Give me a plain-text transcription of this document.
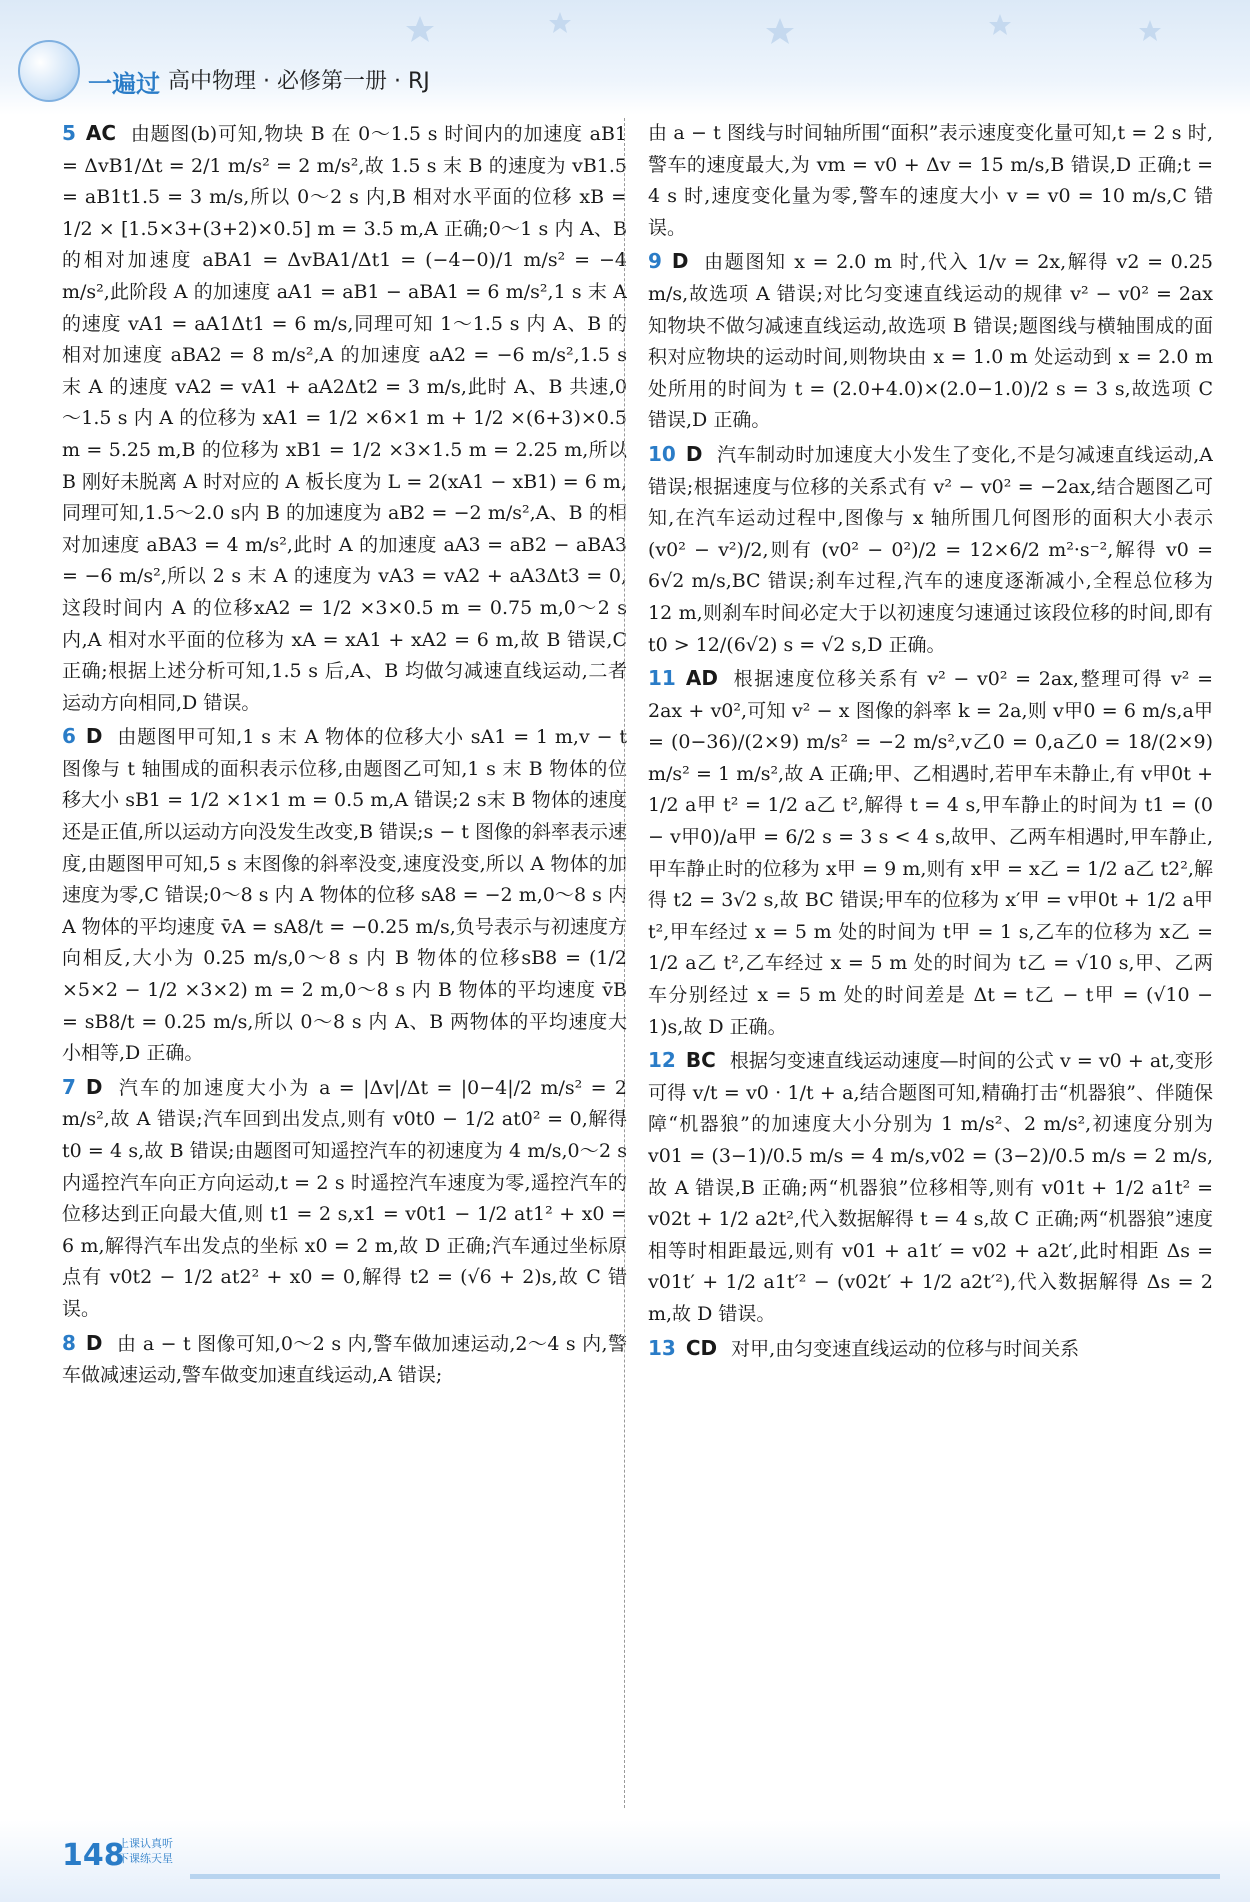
一遍过 高中物理 · 必修第一册 · RJ

5 AC 由题图(b)可知,物块 B 在 0～1.5 s 时间内的加速度 aB1 = ΔvB1/Δt = 2/1 m/s² = 2 m/s²,故 1.5 s 末 B 的速度为 vB1.5 = aB1t1.5 = 3 m/s,所以 0～2 s 内,B 相对水平面的位移 xB = 1/2 × [1.5×3+(3+2)×0.5] m = 3.5 m,A 正确;0～1 s 内 A、B 的相对加速度 aBA1 = ΔvBA1/Δt1 = (−4−0)/1 m/s² = −4 m/s²,此阶段 A 的加速度 aA1 = aB1 − aBA1 = 6 m/s²,1 s 末 A 的速度 vA1 = aA1Δt1 = 6 m/s,同理可知 1～1.5 s 内 A、B 的相对加速度 aBA2 = 8 m/s²,A 的加速度 aA2 = −6 m/s²,1.5 s 末 A 的速度 vA2 = vA1 + aA2Δt2 = 3 m/s,此时 A、B 共速,0～1.5 s 内 A 的位移为 xA1 = 1/2 ×6×1 m + 1/2 ×(6+3)×0.5 m = 5.25 m,B 的位移为 xB1 = 1/2 ×3×1.5 m = 2.25 m,所以 B 刚好未脱离 A 时对应的 A 板长度为 L = 2(xA1 − xB1) = 6 m,同理可知,1.5～2.0 s内 B 的加速度为 aB2 = −2 m/s²,A、B 的相对加速度 aBA3 = 4 m/s²,此时 A 的加速度 aA3 = aB2 − aBA3 = −6 m/s²,所以 2 s 末 A 的速度为 vA3 = vA2 + aA3Δt3 = 0,这段时间内 A 的位移xA2 = 1/2 ×3×0.5 m = 0.75 m,0～2 s 内,A 相对水平面的位移为 xA = xA1 + xA2 = 6 m,故 B 错误,C 正确;根据上述分析可知,1.5 s 后,A、B 均做匀减速直线运动,二者运动方向相同,D 错误。

6 D 由题图甲可知,1 s 末 A 物体的位移大小 sA1 = 1 m,v − t 图像与 t 轴围成的面积表示位移,由题图乙可知,1 s 末 B 物体的位移大小 sB1 = 1/2 ×1×1 m = 0.5 m,A 错误;2 s末 B 物体的速度还是正值,所以运动方向没发生改变,B 错误;s − t 图像的斜率表示速度,由题图甲可知,5 s 末图像的斜率没变,速度没变,所以 A 物体的加速度为零,C 错误;0～8 s 内 A 物体的位移 sA8 = −2 m,0～8 s 内 A 物体的平均速度 v̄A = sA8/t = −0.25 m/s,负号表示与初速度方向相反,大小为 0.25 m/s,0～8 s 内 B 物体的位移sB8 = (1/2 ×5×2 − 1/2 ×3×2) m = 2 m,0～8 s 内 B 物体的平均速度 v̄B = sB8/t = 0.25 m/s,所以 0～8 s 内 A、B 两物体的平均速度大小相等,D 正确。

7 D 汽车的加速度大小为 a = |Δv|/Δt = |0−4|/2 m/s² = 2 m/s²,故 A 错误;汽车回到出发点,则有 v0t0 − 1/2 at0² = 0,解得 t0 = 4 s,故 B 错误;由题图可知遥控汽车的初速度为 4 m/s,0～2 s 内遥控汽车向正方向运动,t = 2 s 时遥控汽车速度为零,遥控汽车的位移达到正向最大值,则 t1 = 2 s,x1 = v0t1 − 1/2 at1² + x0 = 6 m,解得汽车出发点的坐标 x0 = 2 m,故 D 正确;汽车通过坐标原点有 v0t2 − 1/2 at2² + x0 = 0,解得 t2 = (√6 + 2)s,故 C 错误。

8 D 由 a − t 图像可知,0～2 s 内,警车做加速运动,2～4 s 内,警车做减速运动,警车做变加速直线运动,A 错误;

由 a − t 图线与时间轴所围“面积”表示速度变化量可知,t = 2 s 时,警车的速度最大,为 vm = v0 + Δv = 15 m/s,B 错误,D 正确;t = 4 s 时,速度变化量为零,警车的速度大小 v = v0 = 10 m/s,C 错误。

9 D 由题图知 x = 2.0 m 时,代入 1/v = 2x,解得 v2 = 0.25 m/s,故选项 A 错误;对比匀变速直线运动的规律 v² − v0² = 2ax 知物块不做匀减速直线运动,故选项 B 错误;题图线与横轴围成的面积对应物块的运动时间,则物块由 x = 1.0 m 处运动到 x = 2.0 m 处所用的时间为 t = (2.0+4.0)×(2.0−1.0)/2 s = 3 s,故选项 C 错误,D 正确。

10 D 汽车制动时加速度大小发生了变化,不是匀减速直线运动,A 错误;根据速度与位移的关系式有 v² − v0² = −2ax,结合题图乙可知,在汽车运动过程中,图像与 x 轴所围几何图形的面积大小表示 (v0² − v²)/2,则有 (v0² − 0²)/2 = 12×6/2 m²·s⁻²,解得 v0 = 6√2 m/s,BC 错误;刹车过程,汽车的速度逐渐减小,全程总位移为 12 m,则刹车时间必定大于以初速度匀速通过该段位移的时间,即有 t0 > 12/(6√2) s = √2 s,D 正确。

11 AD 根据速度位移关系有 v² − v0² = 2ax,整理可得 v² = 2ax + v0²,可知 v² − x 图像的斜率 k = 2a,则 v甲0 = 6 m/s,a甲 = (0−36)/(2×9) m/s² = −2 m/s²,v乙0 = 0,a乙0 = 18/(2×9) m/s² = 1 m/s²,故 A 正确;甲、乙相遇时,若甲车未静止,有 v甲0t + 1/2 a甲 t² = 1/2 a乙 t²,解得 t = 4 s,甲车静止的时间为 t1 = (0 − v甲0)/a甲 = 6/2 s = 3 s < 4 s,故甲、乙两车相遇时,甲车静止,甲车静止时的位移为 x甲 = 9 m,则有 x甲 = x乙 = 1/2 a乙 t2²,解得 t2 = 3√2 s,故 BC 错误;甲车的位移为 x′甲 = v甲0t + 1/2 a甲 t²,甲车经过 x = 5 m 处的时间为 t甲 = 1 s,乙车的位移为 x乙 = 1/2 a乙 t²,乙车经过 x = 5 m 处的时间为 t乙 = √10 s,甲、乙两车分别经过 x = 5 m 处的时间差是 Δt = t乙 − t甲 = (√10 − 1)s,故 D 正确。

12 BC 根据匀变速直线运动速度—时间的公式 v = v0 + at,变形可得 v/t = v0 · 1/t + a,结合题图可知,精确打击“机器狼”、伴随保障“机器狼”的加速度大小分别为 1 m/s²、2 m/s²,初速度分别为 v01 = (3−1)/0.5 m/s = 4 m/s,v02 = (3−2)/0.5 m/s = 2 m/s,故 A 错误,B 正确;两“机器狼”位移相等,则有 v01t + 1/2 a1t² = v02t + 1/2 a2t²,代入数据解得 t = 4 s,故 C 正确;两“机器狼”速度相等时相距最远,则有 v01 + a1t′ = v02 + a2t′,此时相距 Δs = v01t′ + 1/2 a1t′² − (v02t′ + 1/2 a2t′²),代入数据解得 Δs = 2 m,故 D 错误。

13 CD 对甲,由匀变速直线运动的位移与时间关系

148
上课认真听 下课练天星
